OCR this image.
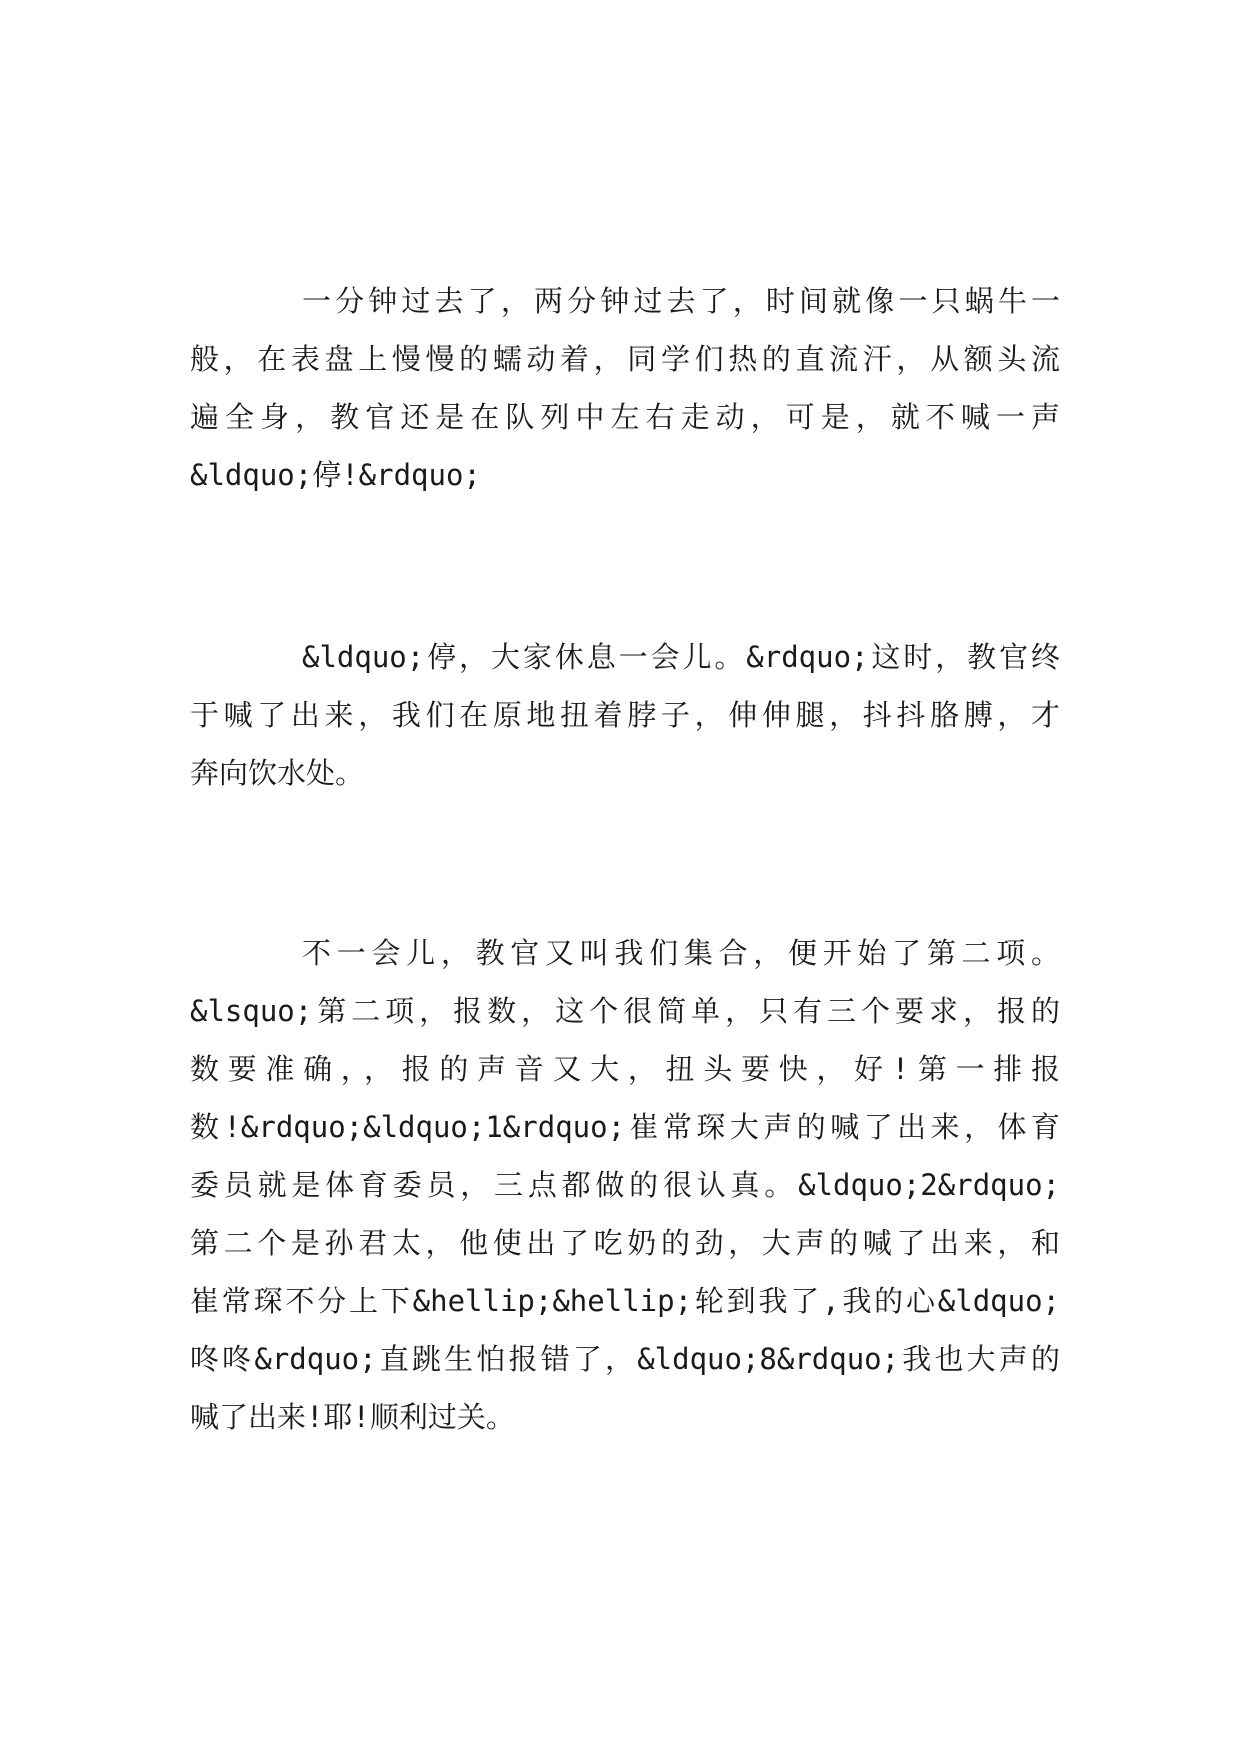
一分钟过去了，两分钟过去了，时间就像一只蜗牛一
般，在表盘上慢慢的蠕动着，同学们热的直流汗，从额头流
遍全身，教官还是在队列中左右走动，可是，就不喊一声
&ldquo;停!&rdquo;
&ldquo;停，大家休息一会儿。&rdquo;这时，教官终
于喊了出来，我们在原地扭着脖子，伸伸腿，抖抖胳膊，才
奔向饮水处。
不一会儿，教官又叫我们集合，便开始了第二项。
&lsquo;第二项，报数，这个很简单，只有三个要求，报的
数要准确，，报的声音又大，扭头要快，好!第一排报
数!&rdquo;&ldquo;1&rdquo;崔常琛大声的喊了出来，体育
委员就是体育委员，三点都做的很认真。&ldquo;2&rdquo;
第二个是孙君太，他使出了吃奶的劲，大声的喊了出来，和
崔常琛不分上下&hellip;&hellip;轮到我了,我的心&ldquo;
咚咚&rdquo;直跳生怕报错了，&ldquo;8&rdquo;我也大声的
喊了出来!耶!顺利过关。
